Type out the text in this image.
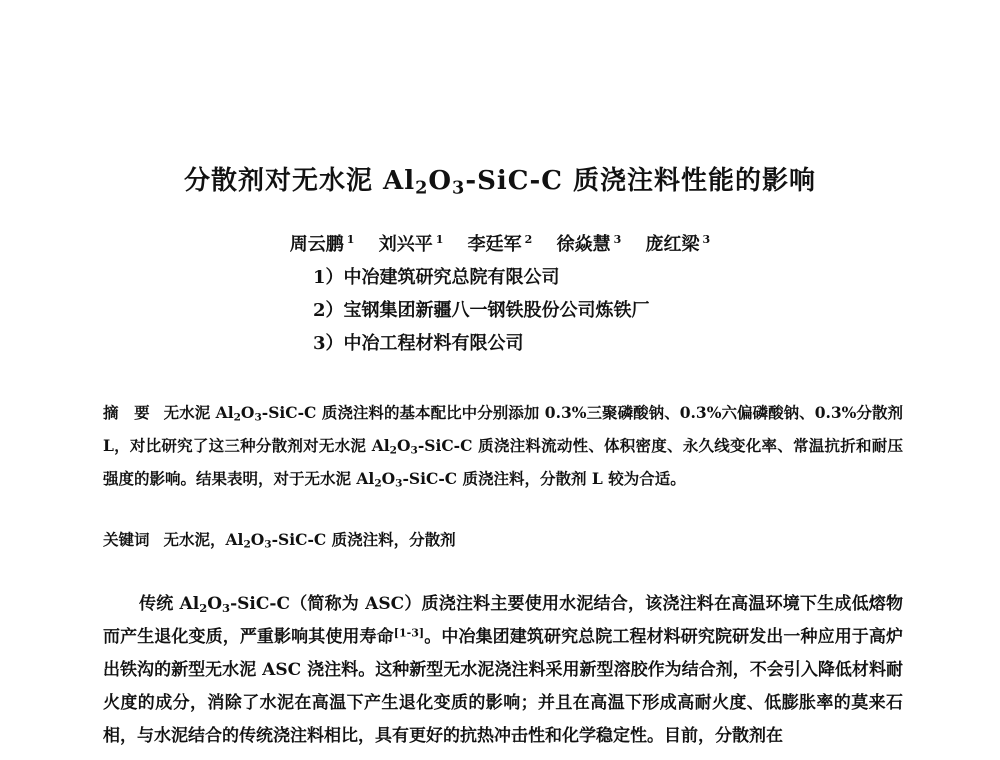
分散剂对无水泥 $Al_2O_3-SiC-C$ 质浇注料性能的影响
周云鹏 $^1$ 刘兴平 $^1$ 李廷军 $^2$ 徐焱慧 $^3$ 庞红梁 $^3$
1）中冶建筑研究总院有限公司
2）宝钢集团新疆八一钢铁股份公司炼铁厂
3）中冶工程材料有限公司
摘　要 无水泥 $Al_2O_3-SiC-C$ 质浇注料的基本配比中分别添加 0.3%三聚磷酸钠、0.3%六偏磷酸钠、0.3%分散剂 L，对比研究了这三种分散剂对无水泥 $Al_2O_3-SiC-C$ 质浇注料流动性、体积密度、永久线变化率、常温抗折和耐压强度的影响。结果表明，对于无水泥 $Al_2O_3-SiC-C$ 质浇注料，分散剂 L 较为合适。
关键词 无水泥，$Al_2O_3-SiC-C$ 质浇注料，分散剂
传统 $Al_2O_3-SiC-C$（简称为 ASC）质浇注料主要使用水泥结合，该浇注料在高温环境下生成低熔物而产生退化变质，严重影响其使用寿命[1-3]。中冶集团建筑研究总院工程材料研究院研发出一种应用于高炉出铁沟的新型无水泥 ASC 浇注料。这种新型无水泥浇注料采用新型溶胶作为结合剂，不会引入降低材料耐火度的成分，消除了水泥在高温下产生退化变质的影响；并且在高温下形成高耐火度、低膨胀率的莫来石相，与水泥结合的传统浇注料相比，具有更好的抗热冲击性和化学稳定性。目前，分散剂在
